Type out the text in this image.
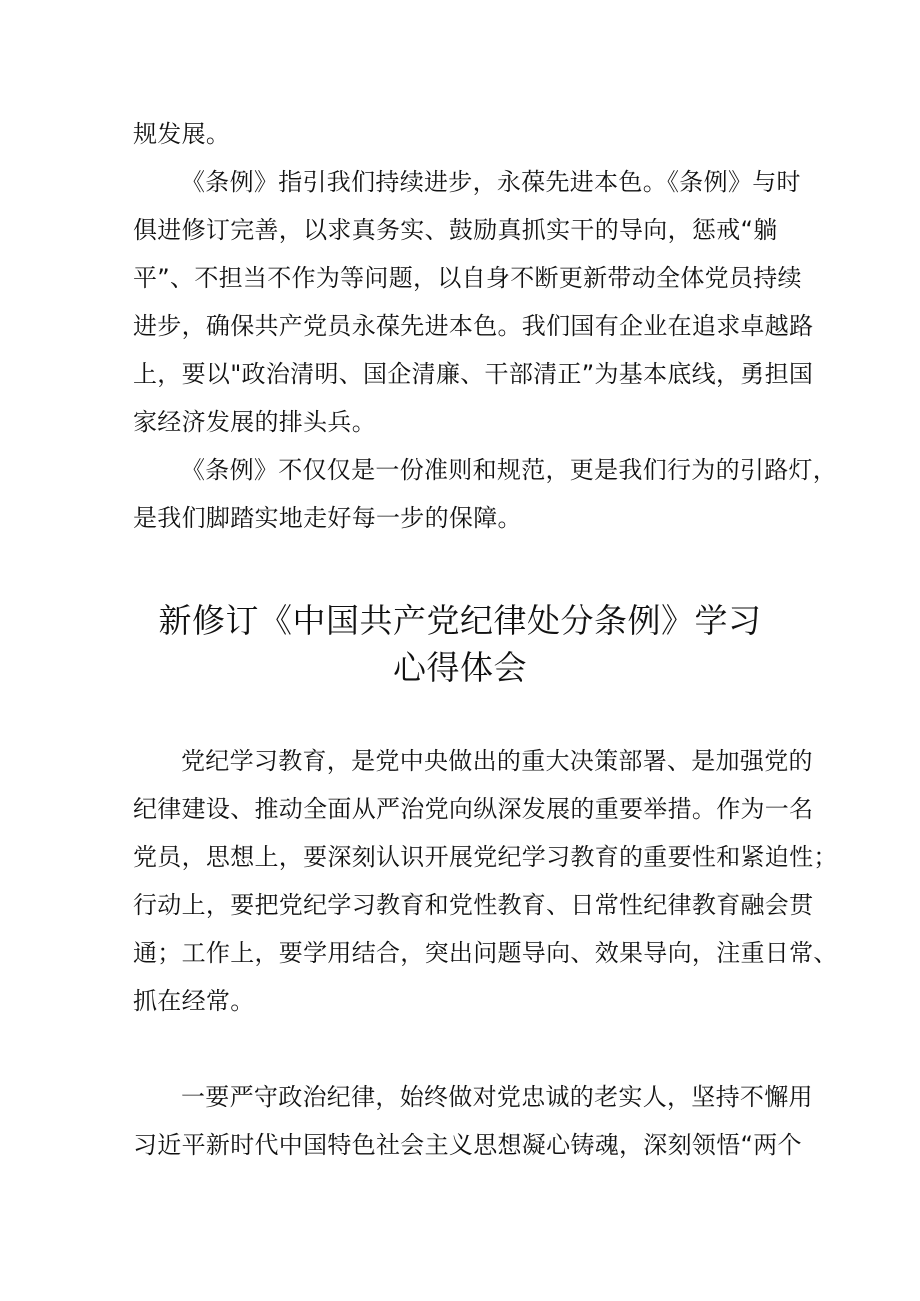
规发展。
《条例》指引我们持续进步，永葆先进本色。《条例》与时
俱进修订完善，以求真务实、鼓励真抓实干的导向，惩戒“躺
平”、不担当不作为等问题，以自身不断更新带动全体党员持续
进步，确保共产党员永葆先进本色。我们国有企业在追求卓越路
上，要以"政治清明、国企清廉、干部清正”为基本底线，勇担国
家经济发展的排头兵。
《条例》不仅仅是一份准则和规范，更是我们行为的引路灯，
是我们脚踏实地走好每一步的保障。
新修订《中国共产党纪律处分条例》学习
心得体会
党纪学习教育，是党中央做出的重大决策部署、是加强党的
纪律建设、推动全面从严治党向纵深发展的重要举措。作为一名
党员，思想上，要深刻认识开展党纪学习教育的重要性和紧迫性；
行动上，要把党纪学习教育和党性教育、日常性纪律教育融会贯
通；工作上，要学用结合，突出问题导向、效果导向，注重日常、
抓在经常。
一要严守政治纪律，始终做对党忠诚的老实人，坚持不懈用
习近平新时代中国特色社会主义思想凝心铸魂，深刻领悟“两个
